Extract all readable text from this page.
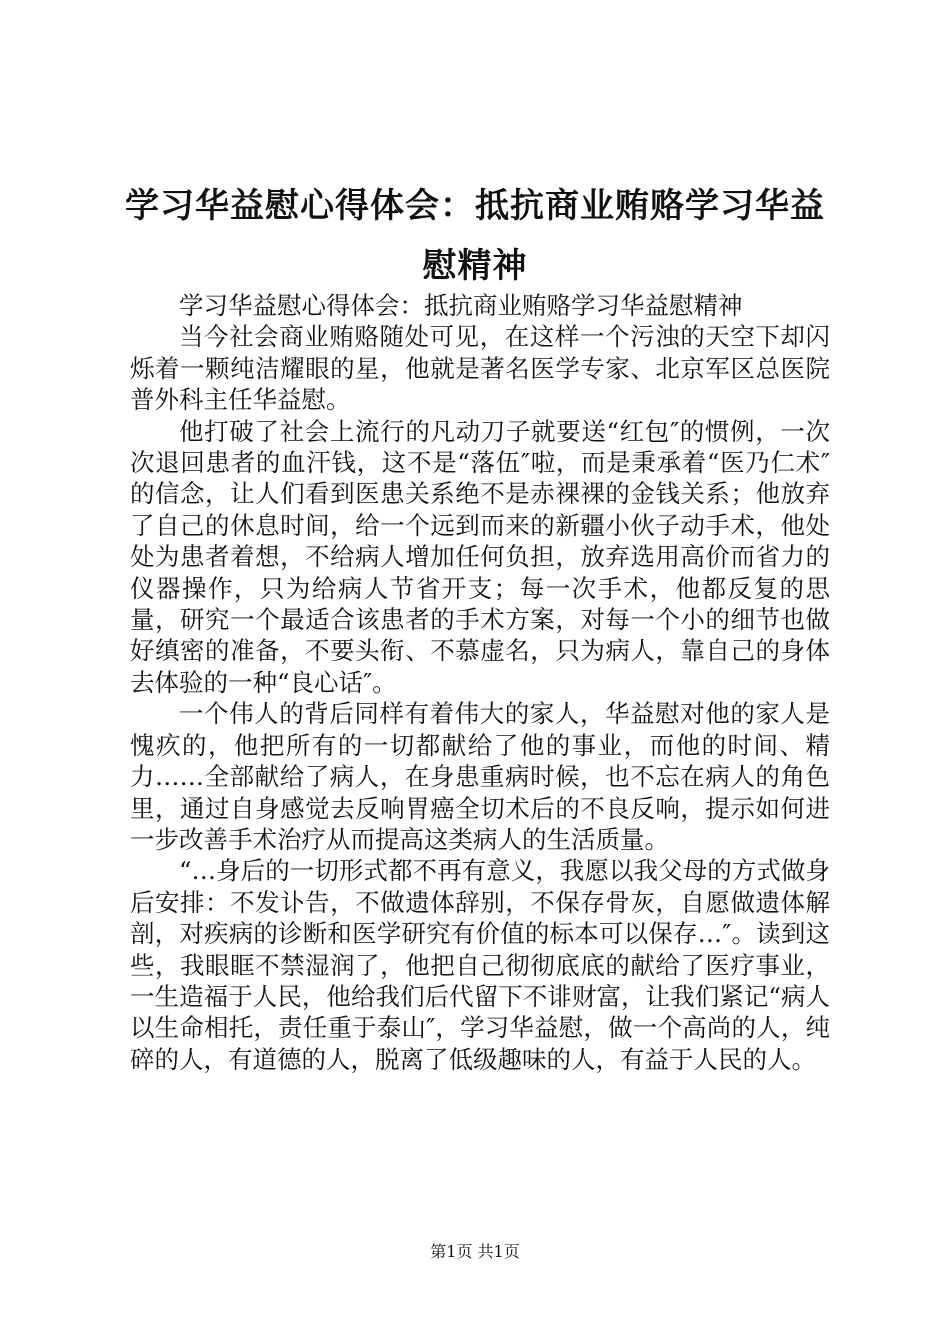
学习华益慰心得体会：抵抗商业贿赂学习华益慰精神

学习华益慰心得体会：抵抗商业贿赂学习华益慰精神

当今社会商业贿赂随处可见，在这样一个污浊的天空下却闪烁着一颗纯洁耀眼的星，他就是著名医学专家、北京军区总医院普外科主任华益慰。

他打破了社会上流行的凡动刀子就要送“红包″的惯例，一次次退回患者的血汗钱，这不是“落伍″啦，而是秉承着“医乃仁术″的信念，让人们看到医患关系绝不是赤裸裸的金钱关系；他放弃了自己的休息时间，给一个远到而来的新疆小伙子动手术，他处处为患者着想，不给病人增加任何负担，放弃选用高价而省力的仪器操作，只为给病人节省开支；每一次手术，他都反复的思量，研究一个最适合该患者的手术方案，对每一个小的细节也做好缜密的准备，不要头衔、不慕虚名，只为病人，靠自己的身体去体验的一种“良心话″。

一个伟人的背后同样有着伟大的家人，华益慰对他的家人是愧疚的，他把所有的一切都献给了他的事业，而他的时间、精力……全部献给了病人，在身患重病时候，也不忘在病人的角色里，通过自身感觉去反响胃癌全切术后的不良反响，提示如何进一步改善手术治疗从而提高这类病人的生活质量。

“…身后的一切形式都不再有意义，我愿以我父母的方式做身后安排：不发讣告，不做遗体辞别，不保存骨灰，自愿做遗体解剖，对疾病的诊断和医学研究有价值的标本可以保存…″。读到这些，我眼眶不禁湿润了，他把自己彻彻底底的献给了医疗事业，一生造福于人民，他给我们后代留下不诽财富，让我们紧记“病人以生命相托，责任重于泰山″，学习华益慰，做一个高尚的人，纯碎的人，有道德的人，脱离了低级趣味的人，有益于人民的人。

第1页 共1页
